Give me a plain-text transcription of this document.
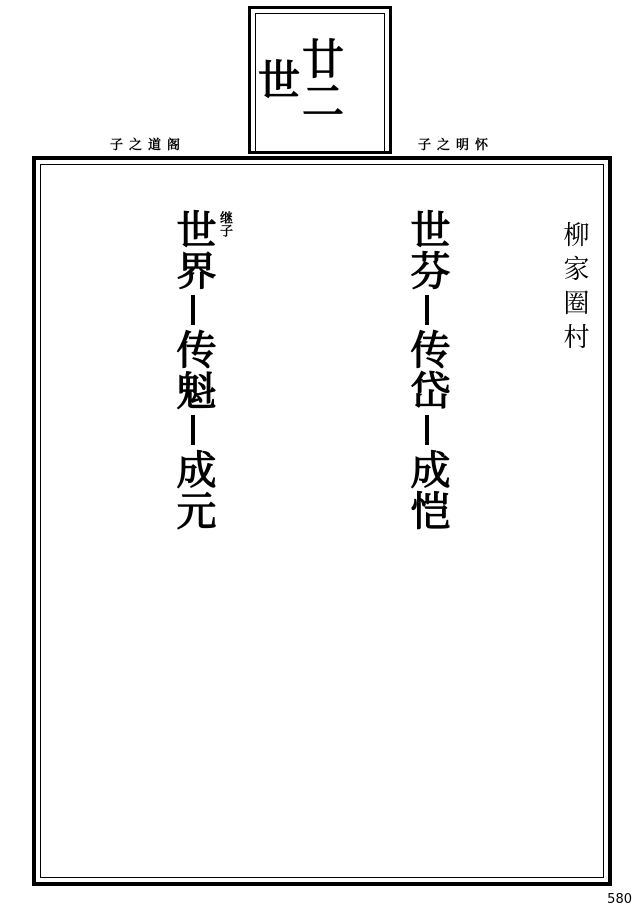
廿二世
子之道阁	子之明怀
世芬
传岱
成恺
世界
传魁
成元
继子	柳家圈村
580
